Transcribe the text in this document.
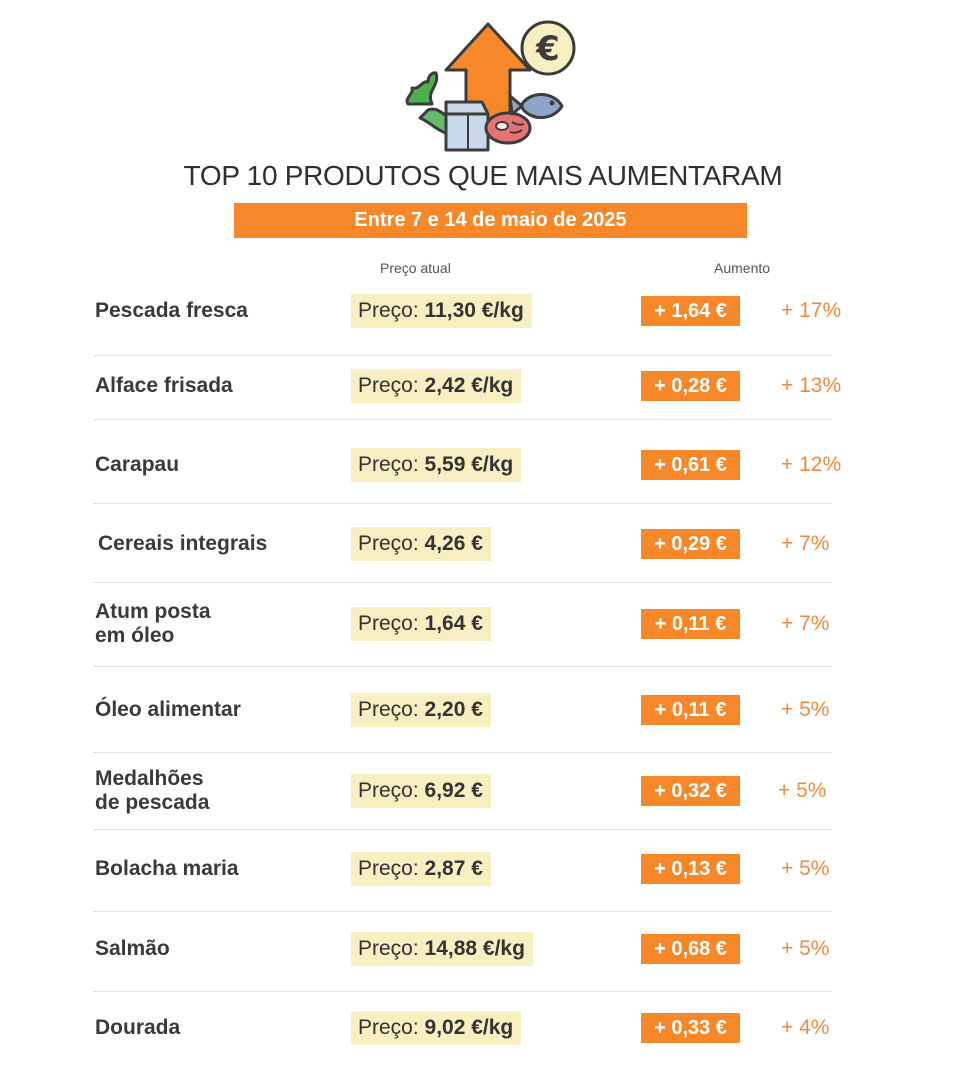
€
TOP 10 PRODUTOS QUE MAIS AUMENTARAM
Entre 7 e 14 de maio de 2025
Preço atual	Aumento
Pescada fresca	Preço: 11,30 €/kg	+ 1,64 €	+ 17%
Alface frisada	Preço: 2,42 €/kg	+ 0,28 €	+ 13%
Carapau	Preço: 5,59 €/kg	+ 0,61 €	+ 12%
Cereais integrais	Preço: 4,26 €	+ 0,29 €	+ 7%
Atum posta
em óleo
Preço: 1,64 €	+ 0,11 €	+ 7%
Óleo alimentar	Preço: 2,20 €	+ 0,11 €	+ 5%
Medalhões
de pescada
Preço: 6,92 €	+ 0,32 €	+ 5%
Bolacha maria	Preço: 2,87 €	+ 0,13 €	+ 5%
Salmão	Preço: 14,88 €/kg	+ 0,68 €	+ 5%
Dourada	Preço: 9,02 €/kg	+ 0,33 €	+ 4%
